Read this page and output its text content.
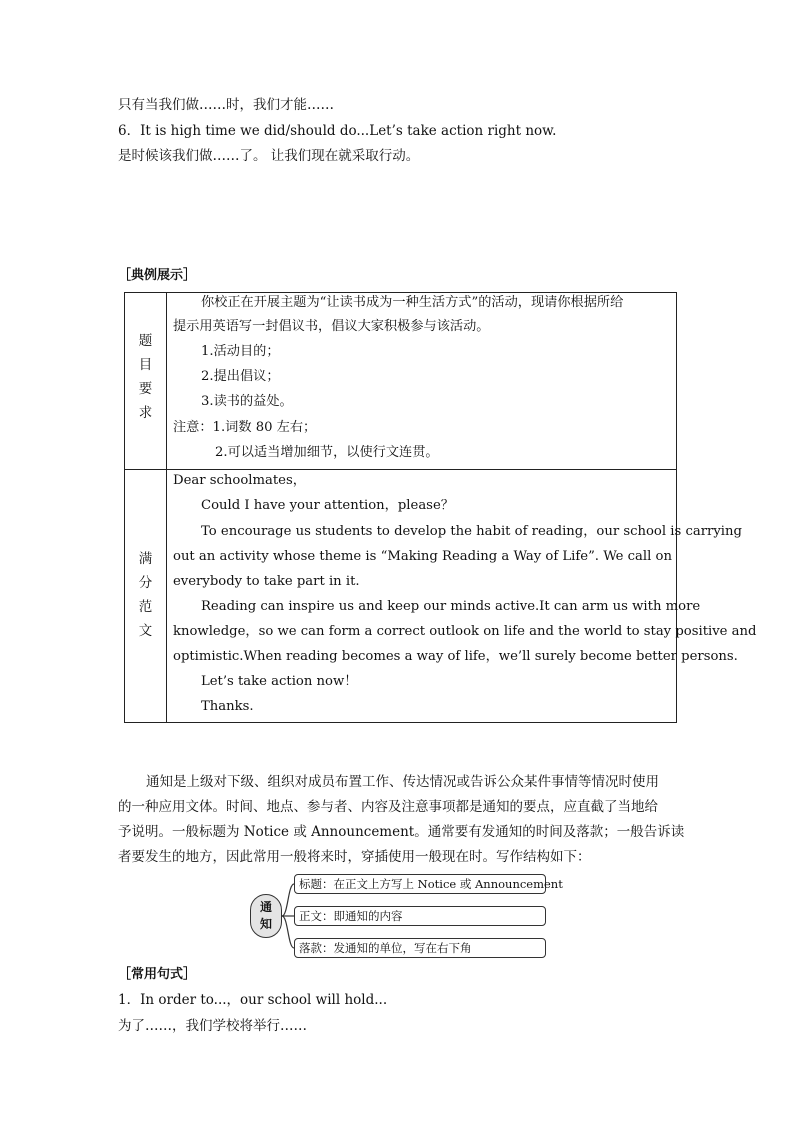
只有当我们做……时，我们才能……
6．It is high time we did/should do...Let’s take action right now.
是时候该我们做……了。 让我们现在就采取行动。
［典例展示］
题
目
要
求
你校正在开展主题为“让读书成为一种生活方式”的活动，现请你根据所给
提示用英语写一封倡议书，倡议大家积极参与该活动。
1.活动目的；
2.提出倡议；
3.读书的益处。
注意：1.词数 80 左右；
2.可以适当增加细节，以使行文连贯。
满
分
范
文
Dear schoolmates，
Could I have your attention，please？
To encourage us students to develop the habit of reading，our school is carrying
out an activity whose theme is “Making Reading a Way of Life”. We call on
everybody to take part in it.
Reading can inspire us and keep our minds active.It can arm us with more
knowledge，so we can form a correct outlook on life and the world to stay positive and
optimistic.When reading becomes a way of life，we’ll surely become better persons.
Let’s take action now！
Thanks.
通知是上级对下级、组织对成员布置工作、传达情况或告诉公众某件事情等情况时使用
的一种应用文体。时间、地点、参与者、内容及注意事项都是通知的要点，应直截了当地给
予说明。一般标题为 Notice 或 Announcement。通常要有发通知的时间及落款；一般告诉读
者要发生的地方，因此常用一般将来时，穿插使用一般现在时。写作结构如下：
通
知
标题：在正文上方写上 Notice 或 Announcement
正文：即通知的内容
落款：发通知的单位，写在右下角
［常用句式］
1．In order to...，our school will hold...
为了……，我们学校将举行……
